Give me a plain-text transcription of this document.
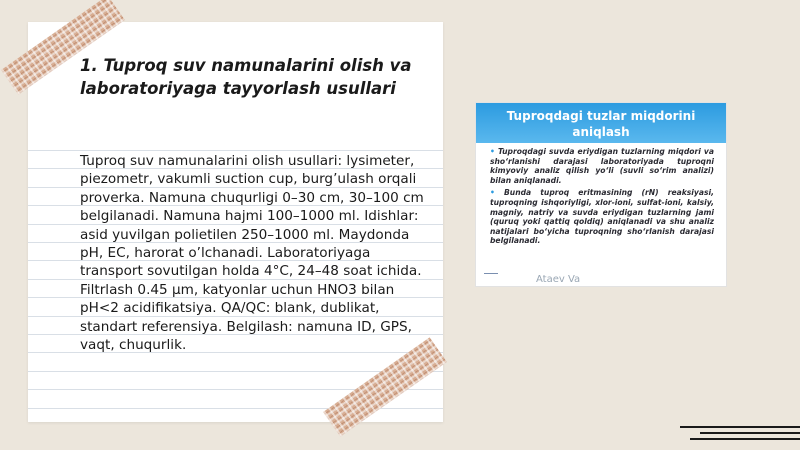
1. Tuproq suv namunalarini olish va laboratoriyaga tayyorlash usullari

Tuproq suv namunalarini olish usullari: lysimeter, piezometr, vakumli suction cup, burg’ulash orqali proverka. Namuna chuqurligi 0–30 cm, 30–100 cm belgilanadi. Namuna hajmi 100–1000 ml. Idishlar: asid yuvilgan polietilen 250–1000 ml. Maydonda pH, EC, harorat o’lchanadi. Laboratoriyaga transport sovutilgan holda 4°C, 24–48 soat ichida. Filtrlash 0.45 µm, katyonlar uchun HNO3 bilan pH<2 acidifikatsiya. QA/QC: blank, dublikat, standart referensiya. Belgilash: namuna ID, GPS, vaqt, chuqurlik.

Tuproqdagi tuzlar miqdorini aniqlash

• Tuproqdagi suvda eriydigan tuzlarning miqdori va sho‘rlanishi darajasi laboratoriyada tuproqni kimyoviy analiz qilish yo‘li (suvli so‘rim analizi) bilan aniqlanadi.

• Bunda tuproq eritmasining (rN) reaksiyasi, tuproqning ishqoriyligi, xlor-ioni, sulfat-ioni, kalsiy, magniy, natriy va suvda eriydigan tuzlarning jami (quruq yoki qattiq qoldiq) aniqlanadi va shu analiz natijalari bo‘yicha tuproqning sho‘rlanish darajasi belgilanadi.

Ataev Va
